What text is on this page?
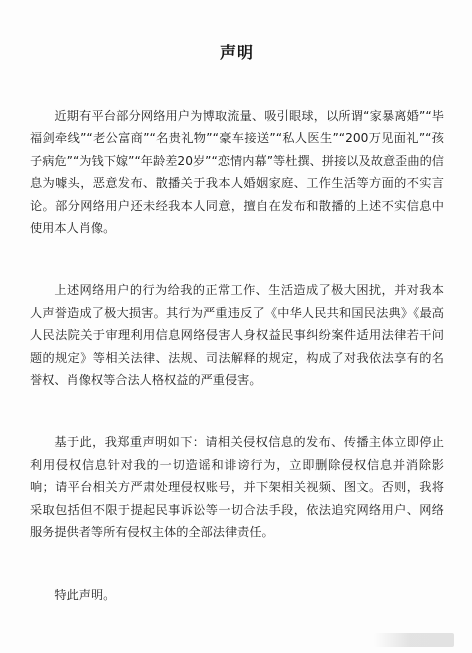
声明

近期有平台部分网络用户为博取流量、吸引眼球，以所谓“家暴离婚”“毕福剑牵线”“老公富商”“名贵礼物”“豪车接送”“私人医生”“200万见面礼”“孩子病危”“为钱下嫁”“年龄差20岁”“恋情内幕”等杜撰、拼接以及故意歪曲的信息为噱头，恶意发布、散播关于我本人婚姻家庭、工作生活等方面的不实言论。部分网络用户还未经我本人同意，擅自在发布和散播的上述不实信息中使用本人肖像。

上述网络用户的行为给我的正常工作、生活造成了极大困扰，并对我本人声誉造成了极大损害。其行为严重违反了《中华人民共和国民法典》《最高人民法院关于审理利用信息网络侵害人身权益民事纠纷案件适用法律若干问题的规定》等相关法律、法规、司法解释的规定，构成了对我依法享有的名誉权、肖像权等合法人格权益的严重侵害。

基于此，我郑重声明如下：请相关侵权信息的发布、传播主体立即停止利用侵权信息针对我的一切造谣和诽谤行为，立即删除侵权信息并消除影响；请平台相关方严肃处理侵权账号，并下架相关视频、图文。否则，我将采取包括但不限于提起民事诉讼等一切合法手段，依法追究网络用户、网络服务提供者等所有侵权主体的全部法律责任。

特此声明。
